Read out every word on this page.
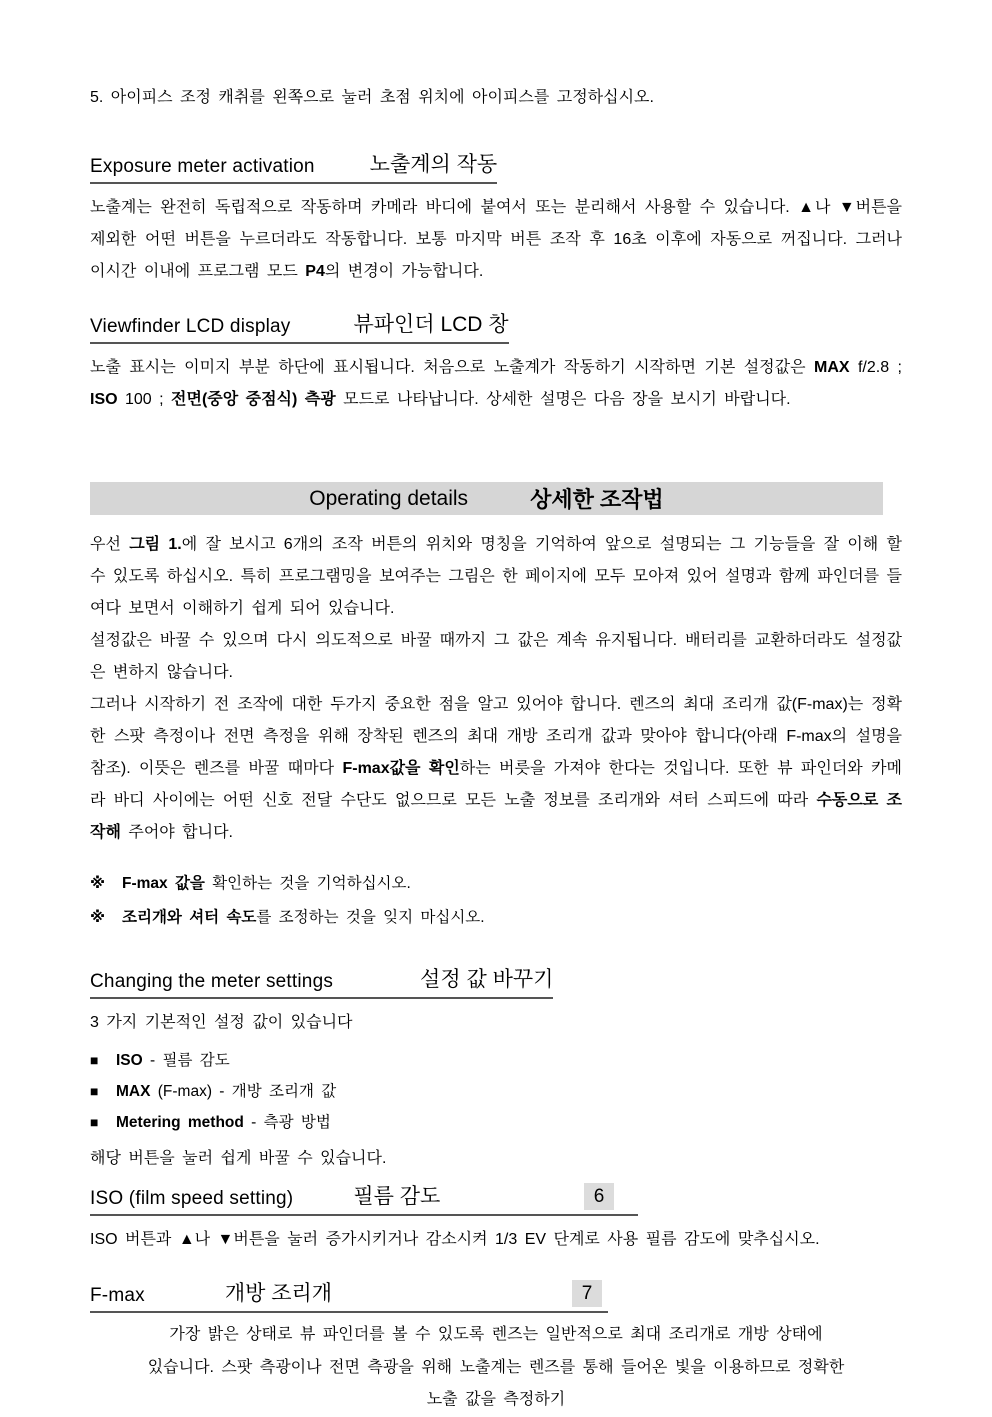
5. 아이피스 조정 캐취를 왼쪽으로 눌러 초점 위치에 아이피스를 고정하십시오.
Exposure meter activation	노출계의 작동

노출계는 완전히 독립적으로 작동하며 카메라 바디에 붙여서 또는 분리해서 사용할 수 있습니다. ▲나 ▼버튼을 제외한 어떤 버튼을 누르더라도 작동합니다. 보통 마지막 버튼 조작 후 16초 이후에 자동으로 꺼집니다. 그러나 이시간 이내에 프로그램 모드 P4의 변경이 가능합니다.

Viewfinder LCD display	뷰파인더 LCD 창

노출 표시는 이미지 부분 하단에 표시됩니다. 처음으로 노출계가 작동하기 시작하면 기본 설정값은 MAX f/2.8 ; ISO 100 ; 전면(중앙 중점식) 측광 모드로 나타납니다. 상세한 설명은 다음 장을 보시기 바랍니다.

Operating details	상세한 조작법

우선 그림 1.에 잘 보시고 6개의 조작 버튼의 위치와 명칭을 기억하여 앞으로 설명되는 그 기능들을 잘 이해 할 수 있도록 하십시오. 특히 프로그램밍을 보여주는 그림은 한 페이지에 모두 모아져 있어 설명과 함께 파인더를 들여다 보면서 이해하기 쉽게 되어 있습니다.

설정값은 바꿀 수 있으며 다시 의도적으로 바꿀 때까지 그 값은 계속 유지됩니다. 배터리를 교환하더라도 설정값은 변하지 않습니다.

그러나 시작하기 전 조작에 대한 두가지 중요한 점을 알고 있어야 합니다. 렌즈의 최대 조리개 값(F-max)는 정확한 스팟 측정이나 전면 측정을 위해 장착된 렌즈의 최대 개방 조리개 값과 맞아야 합니다(아래 F-max의 설명을 참조). 이뜻은 렌즈를 바꿀 때마다 F-max값을 확인하는 버릇을 가져야 한다는 것입니다. 또한 뷰 파인더와 카메라 바디 사이에는 어떤 신호 전달 수단도 없으므로 모든 노출 정보를 조리개와 셔터 스피드에 따라 수동으로 조작해 주어야 합니다.

※	F-max 값을 확인하는 것을 기억하십시오.
※	조리개와 셔터 속도를 조정하는 것을 잊지 마십시오.
Changing the meter settings	설정 값 바꾸기

3 가지 기본적인 설정 값이 있습니다

■	ISO - 필름 감도
■	MAX (F-max) - 개방 조리개 값
■	Metering method - 측광 방법

해당 버튼을 눌러 쉽게 바꿀 수 있습니다.

ISO (film speed setting)	필름 감도	6

ISO 버튼과 ▲나 ▼버튼을 눌러 증가시키거나 감소시켜 1/3 EV 단계로 사용 필름 감도에 맞추십시오.

F-max	개방 조리개	7
가장 밝은 상태로 뷰 파인더를 볼 수 있도록 렌즈는 일반적으로 최대 조리개로 개방 상태에
있습니다. 스팟 측광이나 전면 측광을 위해 노출계는 렌즈를 통해 들어온 빛을 이용하므로 정확한
노출 값을 측정하기
